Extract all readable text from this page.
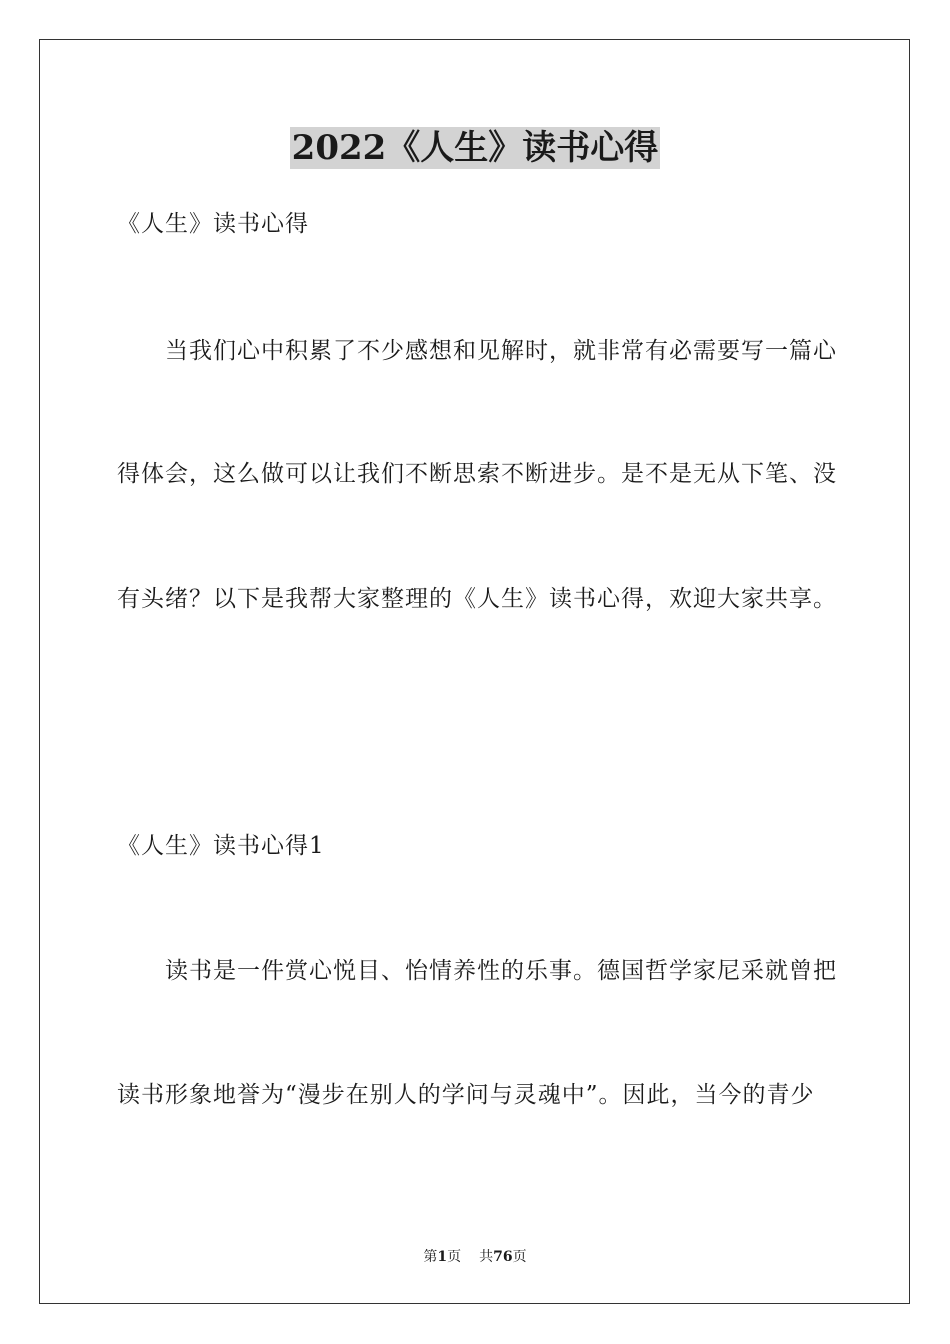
2022《人生》读书心得

《人生》读书心得

当我们心中积累了不少感想和见解时，就非常有必需要写一篇心

得体会，这么做可以让我们不断思索不断进步。是不是无从下笔、没

有头绪？以下是我帮大家整理的《人生》读书心得，欢迎大家共享。

《人生》读书心得1

读书是一件赏心悦目、怡情养性的乐事。德国哲学家尼采就曾把

读书形象地誉为“漫步在别人的学问与灵魂中”。因此，当今的青少

第1页 共76页
